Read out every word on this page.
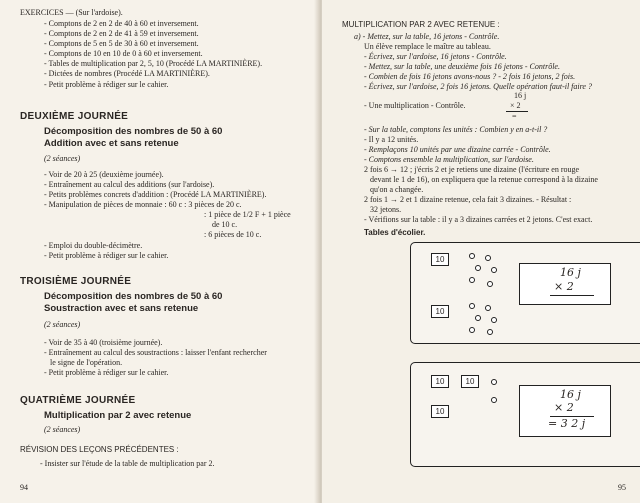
EXERCICES — (Sur l'ardoise).
- Comptons de 2 en 2 de 40 à 60 et inversement.
- Comptons de 2 en 2 de 41 à 59 et inversement.
- Comptons de 5 en 5 de 30 à 60 et inversement.
- Comptons de 10 en 10 de 0 à 60 et inversement.
- Tables de multiplication par 2, 5, 10 (Procédé LA MARTINIÈRE).
- Dictées de nombres (Procédé LA MARTINIÈRE).
- Petit problème à rédiger sur le cahier.
DEUXIÈME JOURNÉE
Décomposition des nombres de 50 à 60
Addition avec et sans retenue
(2 séances)
- Voir de 20 à 25 (deuxième journée).
- Entraînement au calcul des additions (sur l'ardoise).
- Petits problèmes concrets d'addition : (Procédé LA MARTINIÈRE).
- Manipulation de pièces de monnaie : 60 c : 3 pièces de 20 c.
: 1 pièce de 1/2 F + 1 pièce
de 10 c.
: 6 pièces de 10 c.
- Emploi du double-décimètre.
- Petit problème à rédiger sur le cahier.
TROISIÈME JOURNÉE
Décomposition des nombres de 50 à 60
Soustraction avec et sans retenue
(2 séances)
- Voir de 35 à 40 (troisième journée).
- Entraînement au calcul des soustractions : laisser l'enfant rechercher
le signe de l'opération.
- Petit problème à rédiger sur le cahier.
QUATRIÈME JOURNÉE
Multiplication par 2 avec retenue
(2 séances)
RÉVISION DES LEÇONS PRÉCÉDENTES :
- Insister sur l'étude de la table de multiplication par 2.
94
MULTIPLICATION PAR 2 AVEC RETENUE :
a) - Mettez, sur la table, 16 jetons - Contrôle.
Un élève remplace le maître au tableau.
- Écrivez, sur l'ardoise, 16 jetons - Contrôle.
- Mettez, sur la table, une deuxième fois 16 jetons - Contrôle.
- Combien de fois 16 jetons avons-nous ? - 2 fois 16 jetons, 2 fois.
- Écrivez, sur l'ardoise, 2 fois 16 jetons. Quelle opération faut-il faire ?
16 j
- Une multiplication - Contrôle.	× 2
=
- Sur la table, comptons les unités : Combien y en a-t-il ?
- Il y a 12 unités.
- Remplaçons 10 unités par une dizaine carrée - Contrôle.
- Comptons ensemble la multiplication, sur l'ardoise.
2 fois 6 → 12 ; j'écris 2 et je retiens une dizaine (l'écriture en rouge
devant le 1 de 16), on expliquera que la retenue correspond à la dizaine
qu'on a changée.
2 fois 1 → 2 et 1 dizaine retenue, cela fait 3 dizaines. - Résultat :
32 jetons.
- Vérifions sur la table : il y a 3 dizaines carrées et 2 jetons. C'est exact.
Tables d'écolier.
10
10
16 j
× 2
10	10
10
16 j
× 2
= 3 2 j
95
